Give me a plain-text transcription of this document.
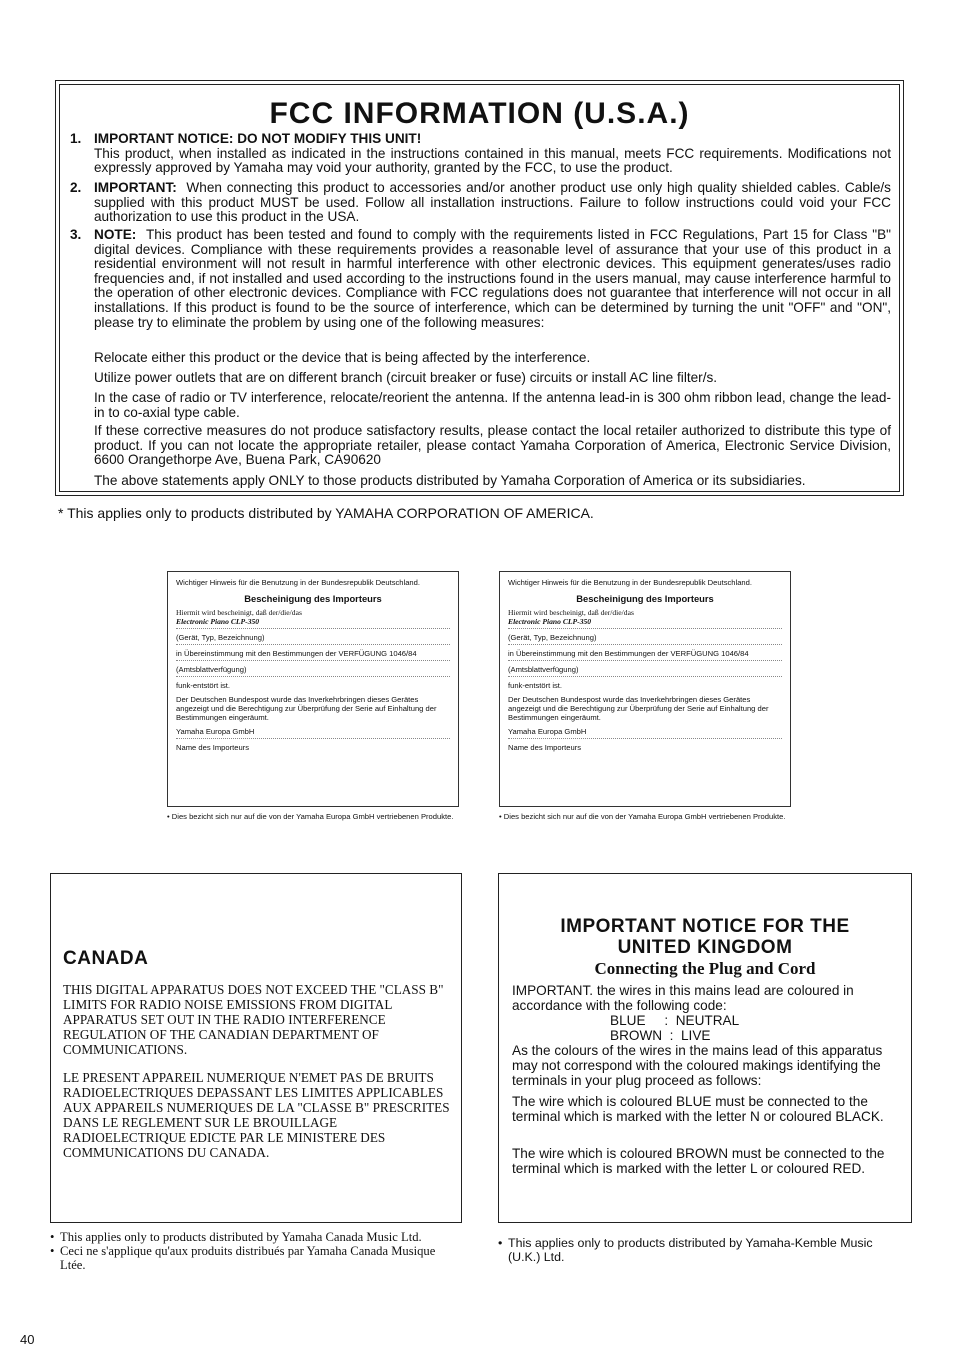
FCC INFORMATION (U.S.A.)
1. IMPORTANT NOTICE: DO NOT MODIFY THIS UNIT!
This product, when installed as indicated in the instructions contained in this manual, meets FCC requirements. Modifications not expressly approved by Yamaha may void your authority, granted by the FCC, to use the product.
2. IMPORTANT: When connecting this product to accessories and/or another product use only high quality shielded cables. Cable/s supplied with this product MUST be used. Follow all installation instructions. Failure to follow instructions could void your FCC authorization to use this product in the USA.
3. NOTE: This product has been tested and found to comply with the requirements listed in FCC Regulations, Part 15 for Class "B" digital devices. Compliance with these requirements provides a reasonable level of assurance that your use of this product in a residential environment will not result in harmful interference with other electronic devices. This equipment generates/uses radio frequencies and, if not installed and used according to the instructions found in the users manual, may cause interference harmful to the operation of other electronic devices. Compliance with FCC regulations does not guarantee that interference will not occur in all installations. If this product is found to be the source of interference, which can be determined by turning the unit "OFF" and "ON", please try to eliminate the problem by using one of the following measures:
Relocate either this product or the device that is being affected by the interference.
Utilize power outlets that are on different branch (circuit breaker or fuse) circuits or install AC line filter/s.
In the case of radio or TV interference, relocate/reorient the antenna. If the antenna lead-in is 300 ohm ribbon lead, change the lead-in to co-axial type cable.
If these corrective measures do not produce satisfactory results, please contact the local retailer authorized to distribute this type of product. If you can not locate the appropriate retailer, please contact Yamaha Corporation of America, Electronic Service Division, 6600 Orangethorpe Ave, Buena Park, CA90620
The above statements apply ONLY to those products distributed by Yamaha Corporation of America or its subsidiaries.
* This applies only to products distributed by YAMAHA CORPORATION OF AMERICA.
Wichtiger Hinweis für die Benutzung in der Bundesrepublik Deutschland.
Bescheinigung des Importeurs
Hiermit wird bescheinigt, daß der/die/das
Electronic Piano CLP-350
(Gerät, Typ, Bezeichnung)
in Übereinstimmung mit den Bestimmungen der VERFÜGUNG 1046/84
(Amtsblattverfügung)
funk-entstört ist.
Der Deutschen Bundespost wurde das Inverkehrbringen dieses Gerätes angezeigt und die Berechtigung zur Überprüfung der Serie auf Einhaltung der Bestimmungen eingeräumt.
Yamaha Europa GmbH
Name des Importeurs
• Dies bezicht sich nur auf die von der Yamaha Europa GmbH vertriebenen Produkte.
Wichtiger Hinweis für die Benutzung in der Bundesrepublik Deutschland.
Bescheinigung des Importeurs
Hiermit wird bescheinigt, daß der/die/das
Electronic Piano CLP-350
(Gerät, Typ, Bezeichnung)
in Übereinstimmung mit den Bestimmungen der VERFÜGUNG 1046/84
(Amtsblattverfügung)
funk-entstört ist.
Der Deutschen Bundespost wurde das Inverkehrbringen dieses Gerätes angezeigt und die Berechtigung zur Überprüfung der Serie auf Einhaltung der Bestimmungen eingeräumt.
Yamaha Europa GmbH
Name des Importeurs
• Dies bezicht sich nur auf die von der Yamaha Europa GmbH vertriebenen Produkte.
CANADA
THIS DIGITAL APPARATUS DOES NOT EXCEED THE "CLASS B" LIMITS FOR RADIO NOISE EMISSIONS FROM DIGITAL APPARATUS SET OUT IN THE RADIO INTERFERENCE REGULATION OF THE CANADIAN DEPARTMENT OF COMMUNICATIONS.
LE PRESENT APPAREIL NUMERIQUE N'EMET PAS DE BRUITS RADIOELECTRIQUES DEPASSANT LES LIMITES APPLICABLES AUX APPAREILS NUMERIQUES DE LA "CLASSE B" PRESCRITES DANS LE REGLEMENT SUR LE BROUILLAGE RADIOELECTRIQUE EDICTE PAR LE MINISTERE DES COMMUNICATIONS DU CANADA.
• This applies only to products distributed by Yamaha Canada Music Ltd.
• Ceci ne s'applique qu'aux produits distribués par Yamaha Canada Musique Ltée.
IMPORTANT NOTICE FOR THE
UNITED KINGDOM
Connecting the Plug and Cord
IMPORTANT. the wires in this mains lead are coloured in accordance with the following code:
BLUE     :  NEUTRAL
BROWN  :  LIVE
As the colours of the wires in the mains lead of this apparatus may not correspond with the coloured makings identifying the terminals in your plug proceed as follows:
The wire which is coloured BLUE must be connected to the terminal which is marked with the letter N or coloured BLACK.
The wire which is coloured BROWN must be connected to the terminal which is marked with the letter L or coloured RED.
• This applies only to products distributed by Yamaha-Kemble Music (U.K.) Ltd.
40
